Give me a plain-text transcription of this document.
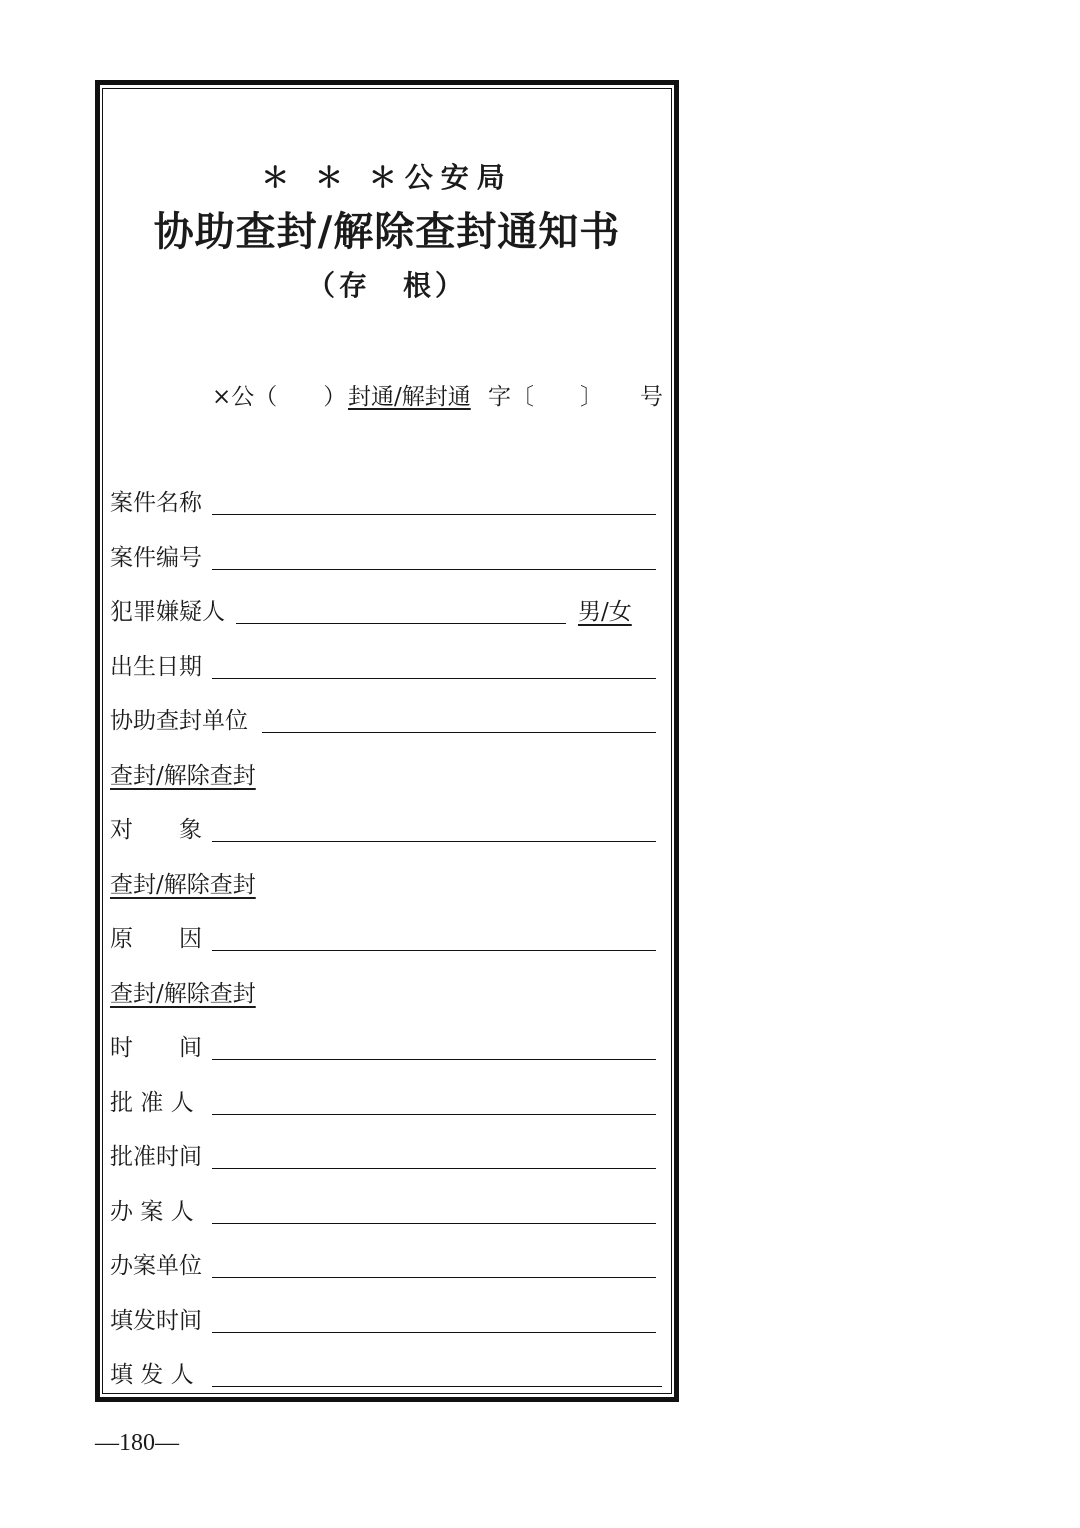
＊ ＊ ＊公安局
协助查封/解除查封通知书
（存　根）
×公（　　） 封通/解封通 字〔　　〕 号
案件名称
案件编号
犯罪嫌疑人	男/女
出生日期
协助查封单位
查封/解除查封
对　　象
查封/解除查封
原　　因
查封/解除查封
时　　间
批 准 人
批准时间
办 案 人
办案单位
填发时间
填 发 人
—180—
